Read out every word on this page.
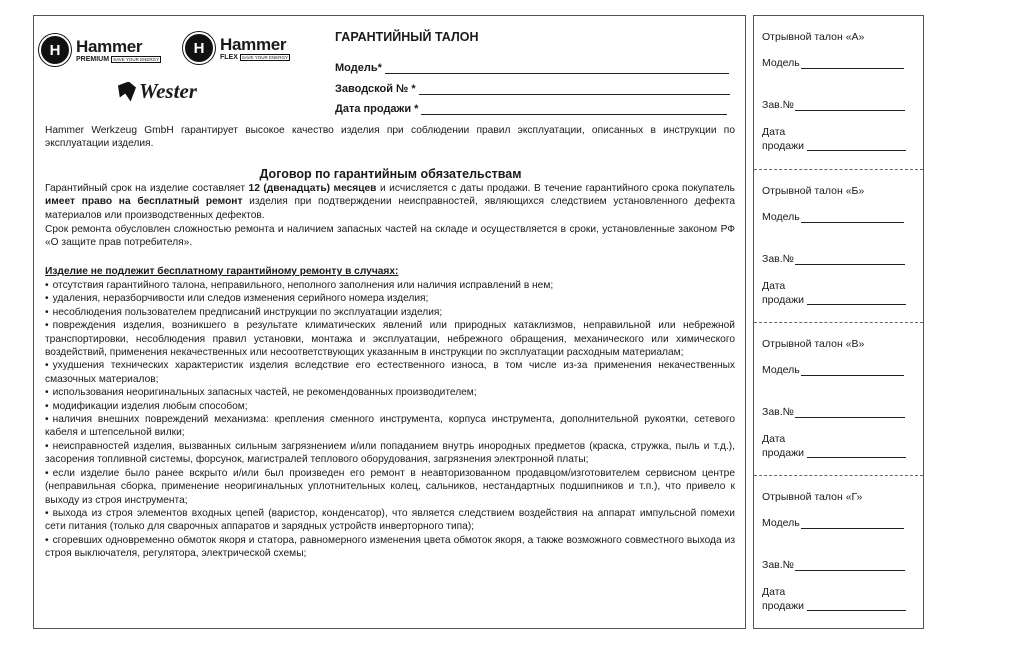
H Hammer
PREMIUM SAVE YOUR ENERGY
H Hammer
FLEX SAVE YOUR ENERGY
Wester
ГАРАНТИЙНЫЙ ТАЛОН
Модель*
Заводской № *
Дата продажи *
Hammer Werkzeug GmbH гарантирует высокое качество изделия при соблюдении правил эксплуатации, описанных в инструкции по эксплуатации изделия.
Договор по гарантийным обязательствам
Гарантийный срок на изделие составляет 12 (двенадцать) месяцев и исчисляется с даты продажи. В течение гарантийного срока покупатель имеет право на бесплатный ремонт изделия при подтверждении неисправностей, являющихся следствием установленного дефекта материалов или производственных дефектов.
Срок ремонта обусловлен сложностью ремонта и наличием запасных частей на складе и осуществляется в сроки, установленные законом РФ «О защите прав потребителя».
Изделие не подлежит бесплатному гарантийному ремонту в случаях:
• отсутствия гарантийного талона, неправильного, неполного заполнения или наличия исправлений в нем;
• удаления, неразборчивости или следов изменения серийного номера изделия;
• несоблюдения пользователем предписаний инструкции по эксплуатации изделия;
• повреждения изделия, возникшего в результате климатических явлений или природных катаклизмов, неправильной или небрежной транспортировки, несоблюдения правил установки, монтажа и эксплуатации, небрежного обращения, механического или химического воздействий, применения некачественных или несоответствующих указанным в инструкции по эксплуатации расходным материалам;
• ухудшения технических характеристик изделия вследствие его естественного износа, в том числе из-за применения некачественных смазочных материалов;
• использования неоригинальных запасных частей, не рекомендованных производителем;
• модификации изделия любым способом;
• наличия внешних повреждений механизма: крепления сменного инструмента, корпуса инструмента, дополнительной рукоятки, сетевого кабеля и штепсельной вилки;
• неисправностей изделия, вызванных сильным загрязнением и/или попаданием внутрь инородных предметов (краска, стружка, пыль и т.д.), засорения топливной системы, форсунок, магистралей теплового оборудования, загрязнения электронной платы;
• если изделие было ранее вскрыто и/или был произведен его ремонт в неавторизованном продавцом/изготовителем сервисном центре (неправильная сборка, применение неоригинальных уплотнительных колец, сальников, нестандартных подшипников и т.п.), что привело к выходу из строя инструмента;
• выхода из строя элементов входных цепей (варистор, конденсатор), что является следствием воздействия на аппарат импульсной помехи сети питания (только для сварочных аппаратов и зарядных устройств инверторного типа);
• сгоревших одновременно обмоток якоря и статора, равномерного изменения цвета обмоток якоря, а также возможного совместного выхода из строя выключателя, регулятора, электрической схемы;
Отрывной талон «А»
Модель
Зав.№
Дата
продажи
Отрывной талон «Б»
Модель
Зав.№
Дата
продажи
Отрывной талон «В»
Модель
Зав.№
Дата
продажи
Отрывной талон «Г»
Модель
Зав.№
Дата
продажи
